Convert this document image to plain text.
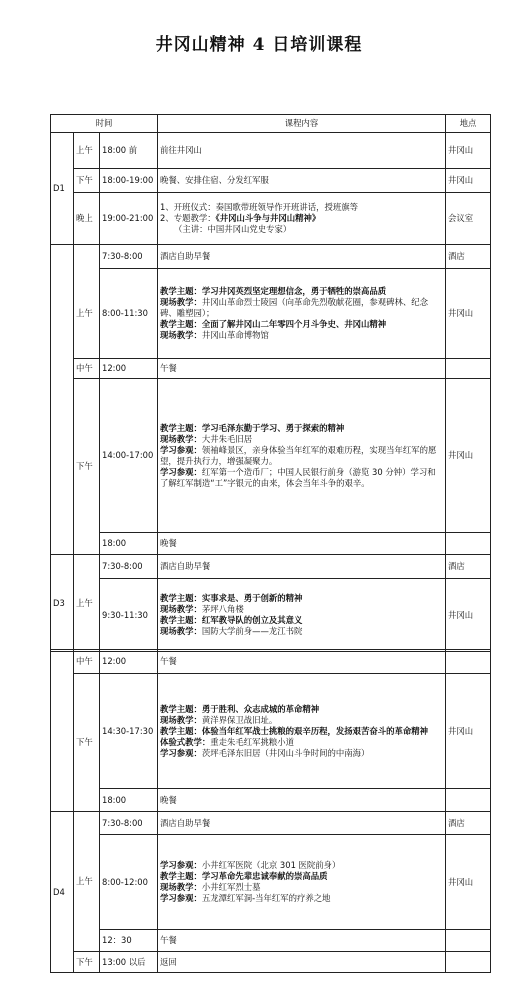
井冈山精神 4 日培训课程
时间			课程内容	地点
D1	上午	18:00 前	前往井冈山	井冈山
	下午	18:00-19:00	晚餐、安排住宿、分发红军服	井冈山
	晚上	19:00-21:00	1、开班仪式：奏国歌带班领导作开班讲话，授班旗等
2、专题教学：《井冈山斗争与井冈山精神》
（主讲：中国井冈山党史专家）	会议室
		7:30-8:00	酒店自助早餐	酒店
	上午	8:00-11:30	教学主题：学习井冈英烈坚定理想信念，勇于牺牲的崇高品质
现场教学：井冈山革命烈士陵园（向革命先烈敬献花圈，参观碑林、纪念碑、雕塑园）；
教学主题：全面了解井冈山二年零四个月斗争史、井冈山精神
现场教学：井冈山革命博物馆	井冈山
	中午	12:00	午餐	
	下午	14:00-17:00	教学主题：学习毛泽东勤于学习、勇于探索的精神
现场教学：大井朱毛旧居
学习参观：领袖峰景区，亲身体验当年红军的艰难历程，实现当年红军的愿望，提升执行力，增强凝聚力。
学习参观：红军第一个造币厂；中国人民银行前身（游览 30 分钟）学习和了解红军制造“工”字银元的由来，体会当年斗争的艰辛。	井冈山
		18:00	晚餐	
D3	上午	7:30-8:00	酒店自助早餐	酒店
		9:30-11:30	教学主题：实事求是、勇于创新的精神
现场教学：茅坪八角楼
教学主题：红军教导队的创立及其意义
现场教学：国防大学前身——龙江书院	井冈山
	中午	12:00	午餐	
	下午	14:30-17:30	教学主题：勇于胜利、众志成城的革命精神
现场教学：黄洋界保卫战旧址。
教学主题：体验当年红军战士挑粮的艰辛历程，发扬艰苦奋斗的革命精神
体验式教学：重走朱毛红军挑粮小道
学习参观：茨坪毛泽东旧居（井冈山斗争时间的中南海）	井冈山
		18:00	晚餐	
D4	上午	7:30-8:00	酒店自助早餐	酒店
		8:00-12:00	学习参观：小井红军医院（北京 301 医院前身）
教学主题：学习革命先辈忠诚奉献的崇高品质
现场教学：小井红军烈士墓
学习参观：五龙潭红军洞-当年红军的疗养之地	井冈山
		12：30	午餐	
	下午	13:00 以后	返回	
